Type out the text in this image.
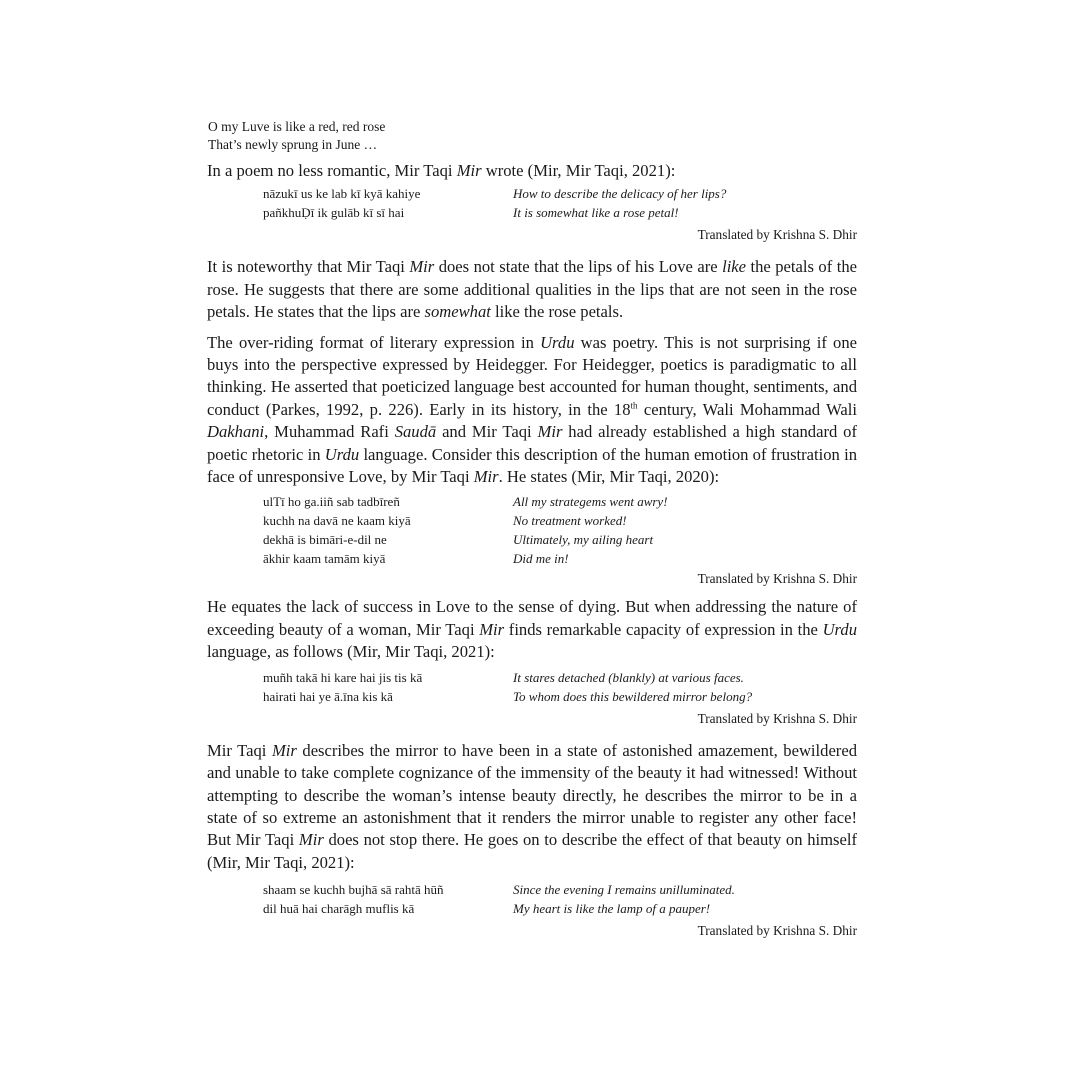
O my Luve is like a red, red rose
That’s newly sprung in June …

In a poem no less romantic, Mir Taqi Mir wrote (Mir, Mir Taqi, 2021):

nāzukī us ke lab kī kyā kahiye	How to describe the delicacy of her lips?
pañkhuḌī ik gulāb kī sī hai	It is somewhat like a rose petal!
Translated by Krishna S. Dhir

It is noteworthy that Mir Taqi Mir does not state that the lips of his Love are like the petals of the rose. He suggests that there are some additional qualities in the lips that are not seen in the rose petals. He states that the lips are somewhat like the rose petals.

The over-riding format of literary expression in Urdu was poetry. This is not surprising if one buys into the perspective expressed by Heidegger. For Heidegger, poetics is paradigmatic to all thinking. He asserted that poeticized language best accounted for human thought, sentiments, and conduct (Parkes, 1992, p. 226). Early in its history, in the 18th century, Wali Mohammad Wali Dakhani, Muhammad Rafi Saudā and Mir Taqi Mir had already established a high standard of poetic rhetoric in Urdu language. Consider this description of the human emotion of frustration in face of unresponsive Love, by Mir Taqi Mir. He states (Mir, Mir Taqi, 2020):

ulTī ho ga.iiñ sab tadbīreñ	All my strategems went awry!
kuchh na davā ne kaam kiyā	No treatment worked!
dekhā is bimāri-e-dil ne	Ultimately, my ailing heart
ākhir kaam tamām kiyā	Did me in!
Translated by Krishna S. Dhir

He equates the lack of success in Love to the sense of dying. But when addressing the nature of exceeding beauty of a woman, Mir Taqi Mir finds remarkable capacity of expression in the Urdu language, as follows (Mir, Mir Taqi, 2021):

muñh takā hi kare hai jis tis kā	It stares detached (blankly) at various faces.
hairati hai ye ā.īna kis kā	To whom does this bewildered mirror belong?
Translated by Krishna S. Dhir

Mir Taqi Mir describes the mirror to have been in a state of astonished amazement, bewildered and unable to take complete cognizance of the immensity of the beauty it had witnessed! Without attempting to describe the woman’s intense beauty directly, he describes the mirror to be in a state of so extreme an astonishment that it renders the mirror unable to register any other face! But Mir Taqi Mir does not stop there. He goes on to describe the effect of that beauty on himself (Mir, Mir Taqi, 2021):

shaam se kuchh bujhā sā rahtā hūñ	Since the evening I remains unilluminated.
dil huā hai charāgh muflis kā	My heart is like the lamp of a pauper!
Translated by Krishna S. Dhir
